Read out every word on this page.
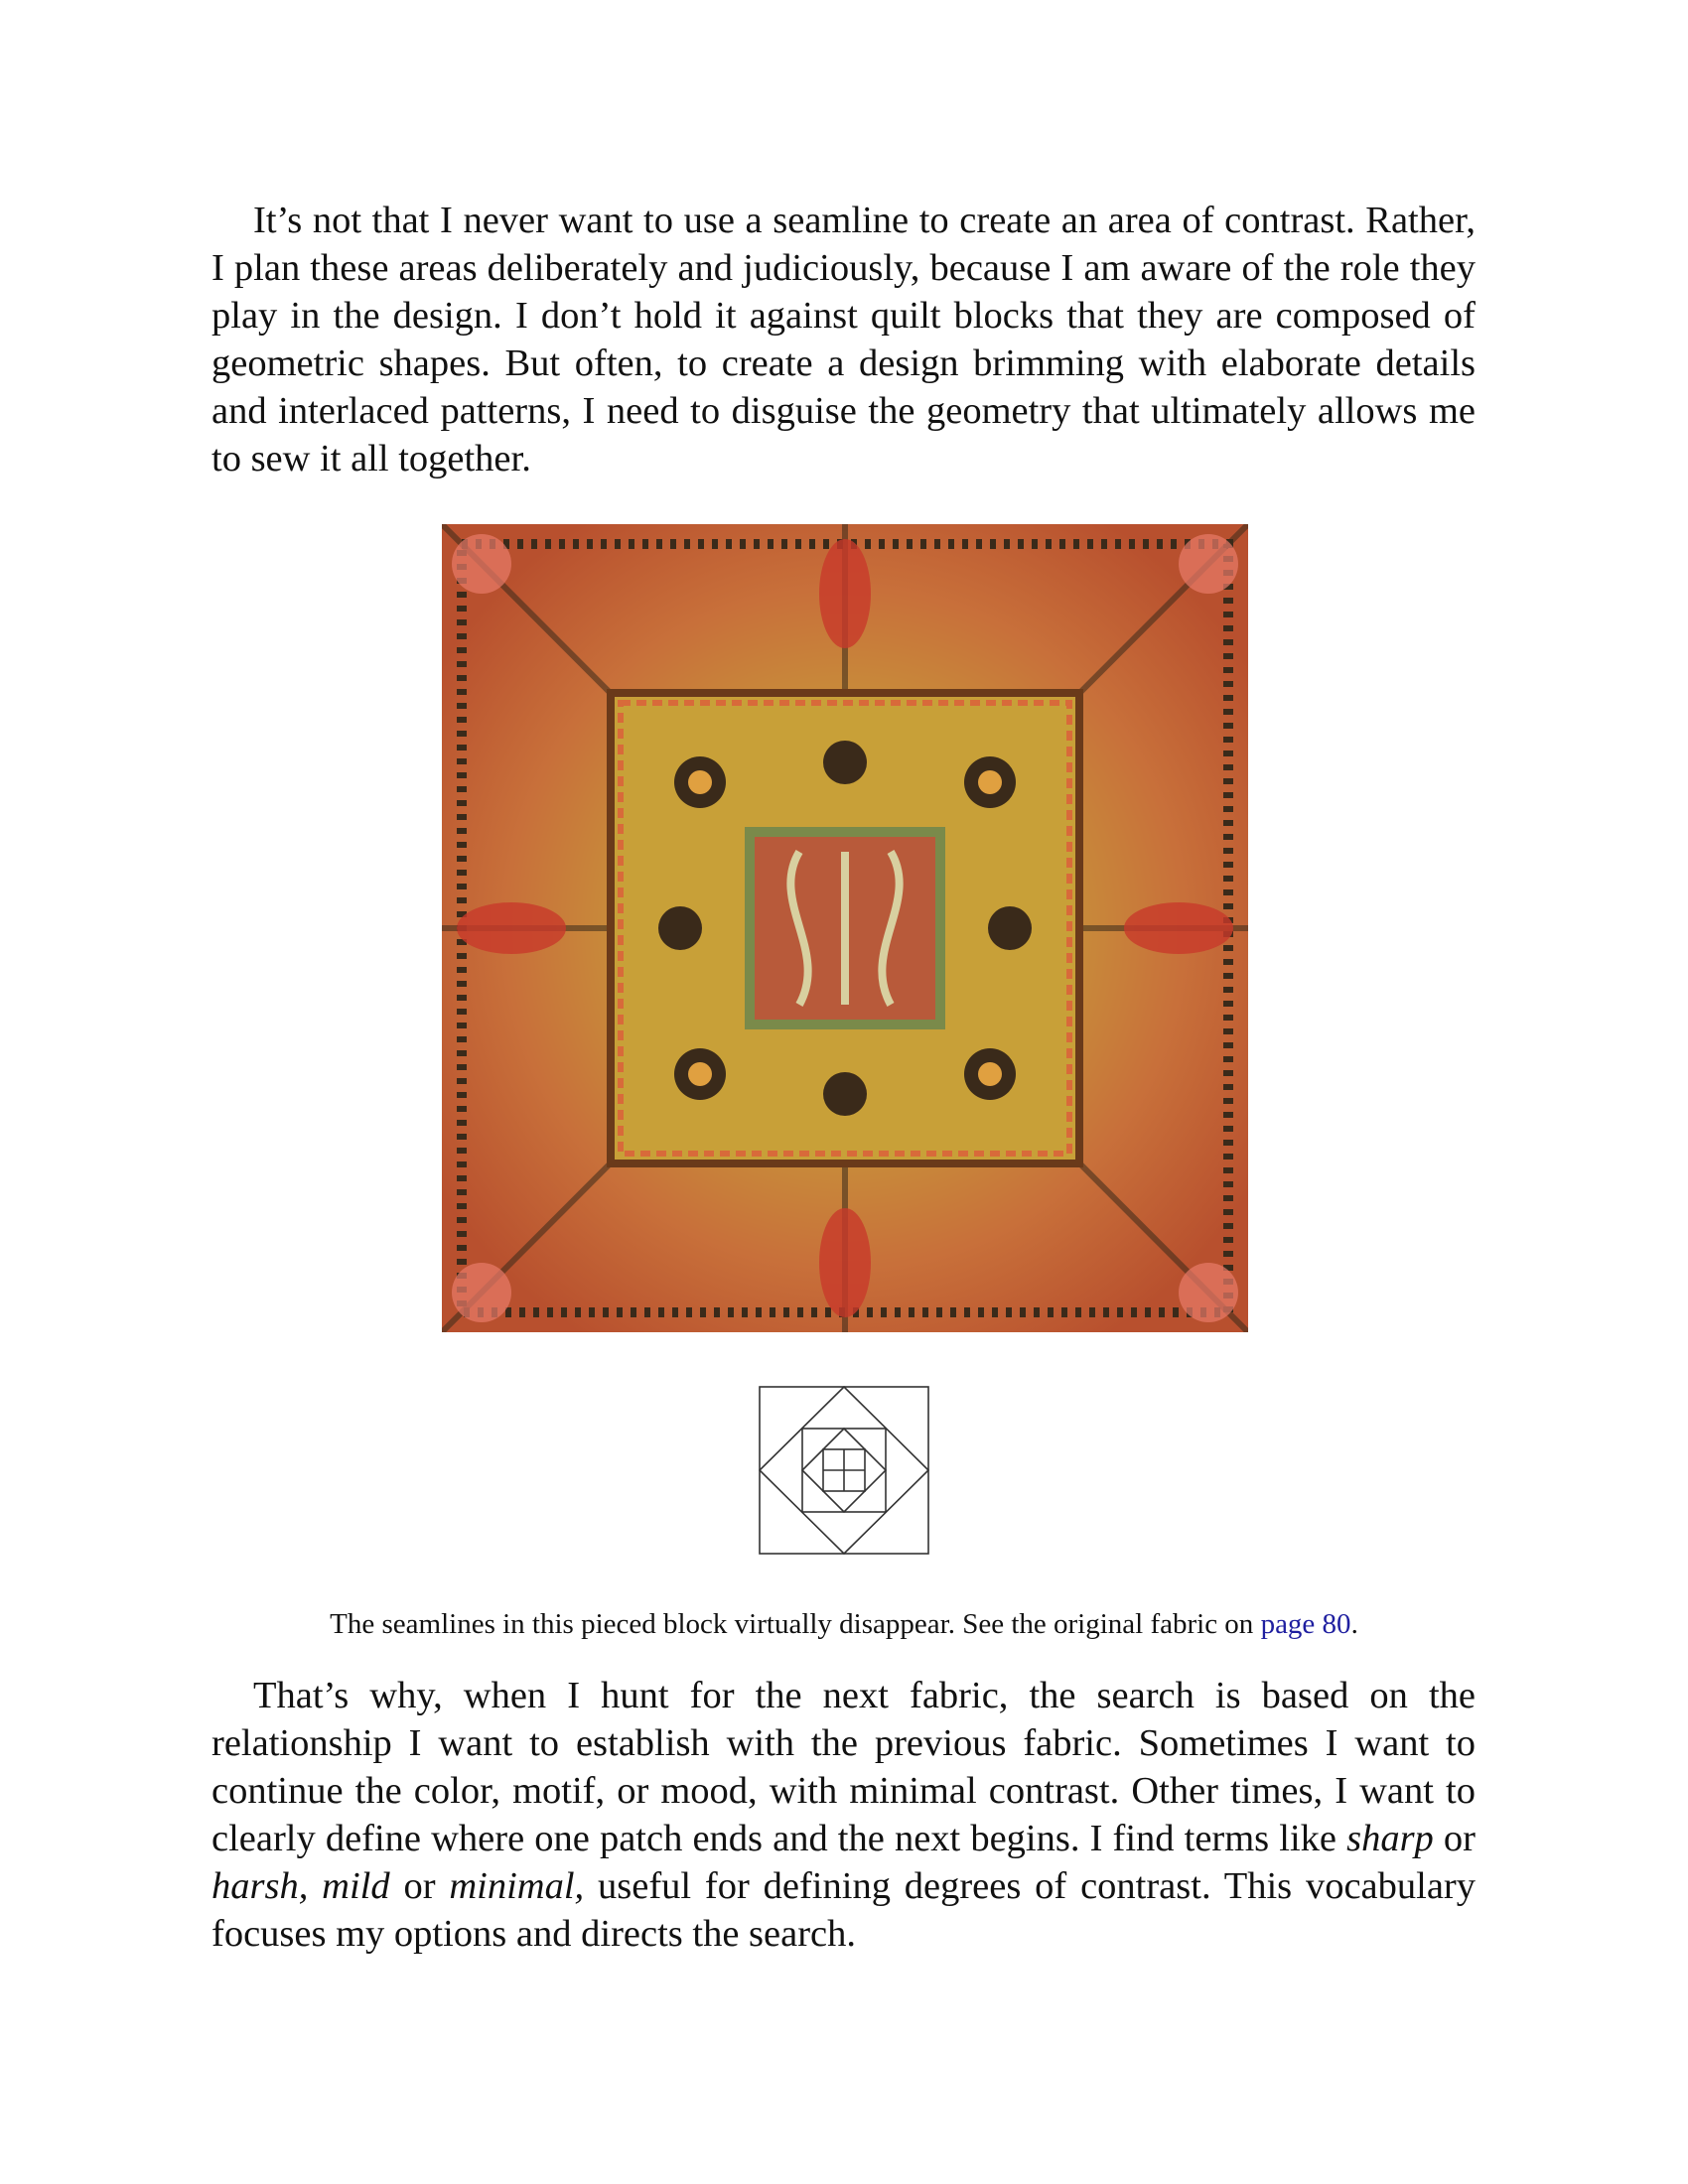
It’s not that I never want to use a seamline to create an area of contrast. Rather, I plan these areas deliberately and judiciously, because I am aware of the role they play in the design. I don’t hold it against quilt blocks that they are composed of geometric shapes. But often, to create a design brimming with elaborate details and interlaced patterns, I need to disguise the geometry that ultimately allows me to sew it all together.

The seamlines in this pieced block virtually disappear. See the original fabric on page 80.

That’s why, when I hunt for the next fabric, the search is based on the relationship I want to establish with the previous fabric. Sometimes I want to continue the color, motif, or mood, with minimal contrast. Other times, I want to clearly define where one patch ends and the next begins. I find terms like sharp or harsh, mild or minimal, useful for defining degrees of contrast. This vocabulary focuses my options and directs the search.
